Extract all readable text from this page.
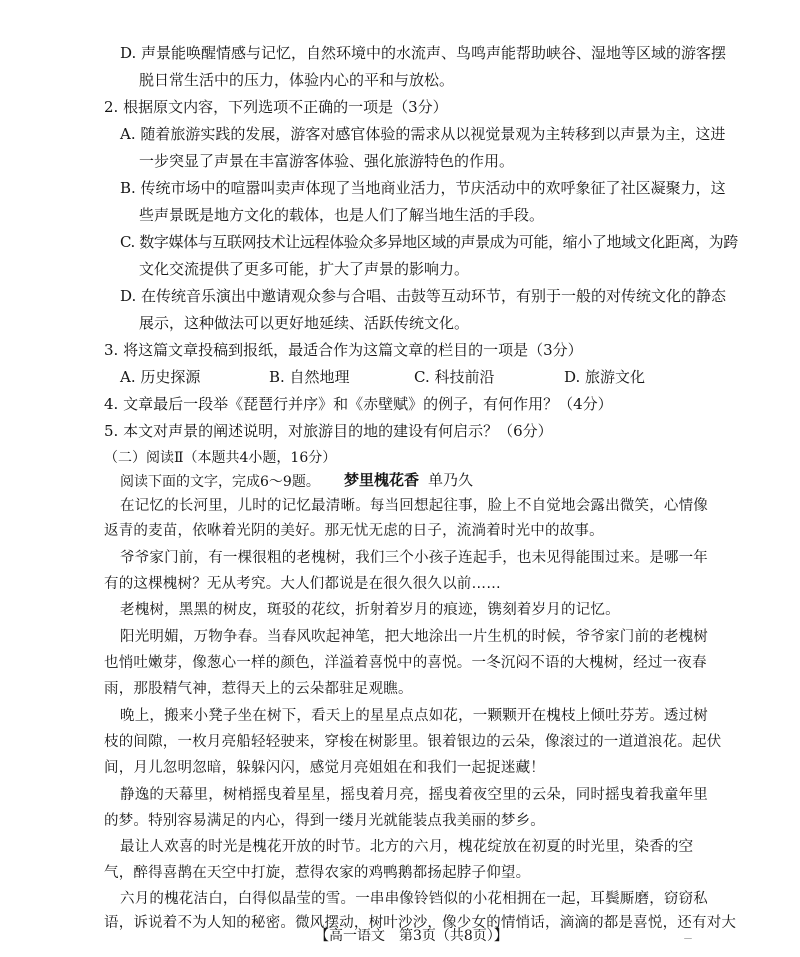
D. 声景能唤醒情感与记忆，自然环境中的水流声、鸟鸣声能帮助峡谷、湿地等区域的游客摆
脱日常生活中的压力，体验内心的平和与放松。
2. 根据原文内容，下列选项不正确的一项是（3分）
A. 随着旅游实践的发展，游客对感官体验的需求从以视觉景观为主转移到以声景为主，这进
一步突显了声景在丰富游客体验、强化旅游特色的作用。
B. 传统市场中的喧嚣叫卖声体现了当地商业活力，节庆活动中的欢呼象征了社区凝聚力，这
些声景既是地方文化的载体，也是人们了解当地生活的手段。
C. 数字媒体与互联网技术让远程体验众多异地区域的声景成为可能，缩小了地域文化距离，为跨
文化交流提供了更多可能，扩大了声景的影响力。
D. 在传统音乐演出中邀请观众参与合唱、击鼓等互动环节，有别于一般的对传统文化的静态
展示，这种做法可以更好地延续、活跃传统文化。
3. 将这篇文章投稿到报纸，最适合作为这篇文章的栏目的一项是（3分）
A. 历史探源	B. 自然地理	C. 科技前沿	D. 旅游文化
4. 文章最后一段举《琵琶行并序》和《赤壁赋》的例子，有何作用？（4分）
5. 本文对声景的阐述说明，对旅游目的地的建设有何启示？（6分）
（二）阅读Ⅱ（本题共4小题，16分）
阅读下面的文字，完成6～9题。 梦里槐花香 单乃久
在记忆的长河里，儿时的记忆最清晰。每当回想起往事，脸上不自觉地会露出微笑，心情像
返青的麦苗，依咻着光阴的美好。那无忧无虑的日子，流淌着时光中的故事。
爷爷家门前，有一棵很粗的老槐树，我们三个小孩子连起手，也未见得能围过来。是哪一年
有的这棵槐树？无从考究。大人们都说是在很久很久以前……
老槐树，黑黑的树皮，斑驳的花纹，折射着岁月的痕迹，镌刻着岁月的记忆。
阳光明媚，万物争春。当春风吹起神笔，把大地涂出一片生机的时候，爷爷家门前的老槐树
也悄吐嫩芽，像葱心一样的颜色，洋溢着喜悦中的喜悦。一冬沉闷不语的大槐树，经过一夜春
雨，那股精气神，惹得天上的云朵都驻足观瞧。
晚上，搬来小凳子坐在树下，看天上的星星点点如花，一颗颗开在槐枝上倾吐芬芳。透过树
枝的间隙，一枚月亮船轻轻驶来，穿梭在树影里。银着银边的云朵，像滚过的一道道浪花。起伏
间，月儿忽明忽暗，躲躲闪闪，感觉月亮姐姐在和我们一起捉迷藏！
静逸的天幕里，树梢摇曳着星星，摇曳着月亮，摇曳着夜空里的云朵，同时摇曳着我童年里
的梦。特别容易满足的内心，得到一缕月光就能装点我美丽的梦乡。
最让人欢喜的时光是槐花开放的时节。北方的六月，槐花绽放在初夏的时光里，染香的空
气，醉得喜鹊在天空中打旋，惹得农家的鸡鸭鹅都扬起脖子仰望。
六月的槐花洁白，白得似晶莹的雪。一串串像铃铛似的小花相拥在一起，耳鬓厮磨，窃窃私
语，诉说着不为人知的秘密。微风摆动，树叶沙沙，像少女的情悄话，滴滴的都是喜悦，还有对大
【高一语文　第3页（共8页）】	－
